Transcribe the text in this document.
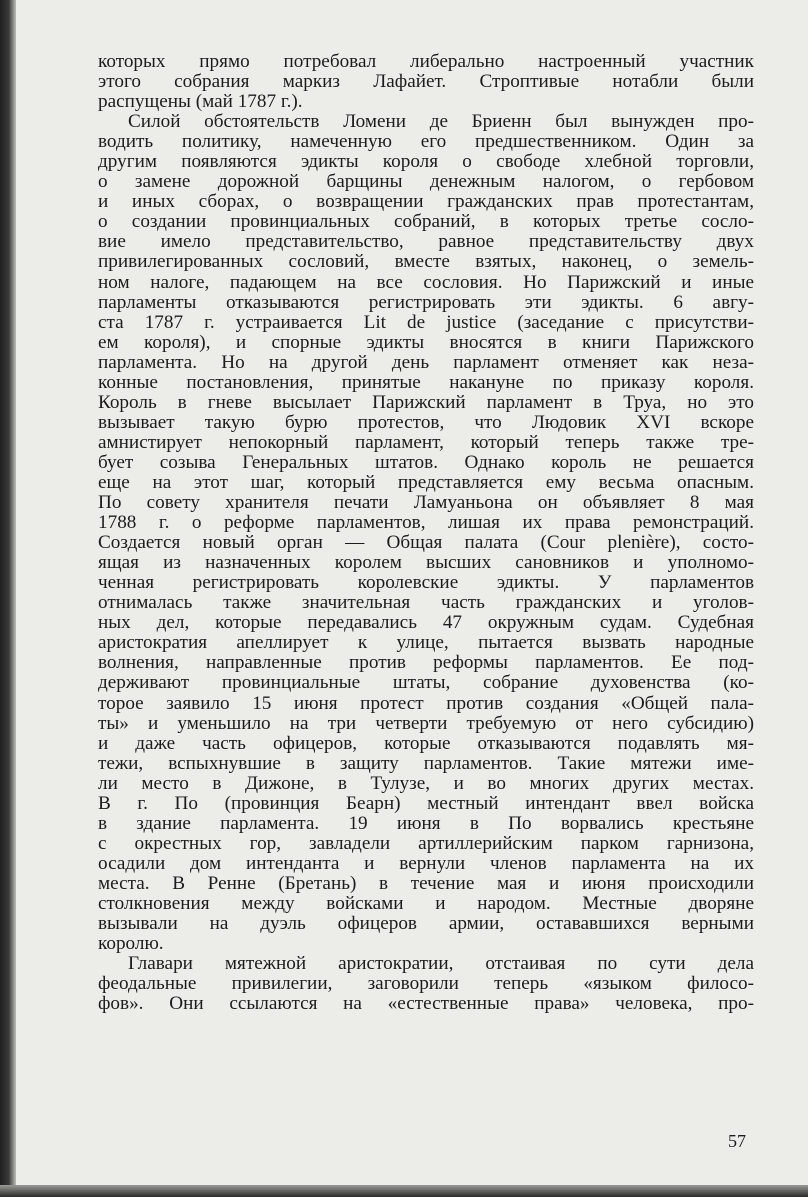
которых прямо потребовал либерально настроенный участник
этого собрания маркиз Лафайет. Строптивые нотабли были
распущены (май 1787 г.).
Силой обстоятельств Ломени де Бриенн был вынужден про-
водить политику, намеченную его предшественником. Один за
другим появляются эдикты короля о свободе хлебной торговли,
о замене дорожной барщины денежным налогом, о гербовом
и иных сборах, о возвращении гражданских прав протестантам,
о создании провинциальных собраний, в которых третье сосло-
вие имело представительство, равное представительству двух
привилегированных сословий, вместе взятых, наконец, о земель-
ном налоге, падающем на все сословия. Но Парижский и иные
парламенты отказываются регистрировать эти эдикты. 6 авгу-
ста 1787 г. устраивается Lit de justice (заседание с присутстви-
ем короля), и спорные эдикты вносятся в книги Парижского
парламента. Но на другой день парламент отменяет как неза-
конные постановления, принятые накануне по приказу короля.
Король в гневе высылает Парижский парламент в Труа, но это
вызывает такую бурю протестов, что Людовик XVI вскоре
амнистирует непокорный парламент, который теперь также тре-
бует созыва Генеральных штатов. Однако король не решается
еще на этот шаг, который представляется ему весьма опасным.
По совету хранителя печати Ламуаньона он объявляет 8 мая
1788 г. о реформе парламентов, лишая их права ремонстраций.
Создается новый орган — Общая палата (Cour plenière), состо-
ящая из назначенных королем высших сановников и уполномо-
ченная регистрировать королевские эдикты. У парламентов
отнималась также значительная часть гражданских и уголов-
ных дел, которые передавались 47 окружным судам. Судебная
аристократия апеллирует к улице, пытается вызвать народные
волнения, направленные против реформы парламентов. Ее под-
держивают провинциальные штаты, собрание духовенства (ко-
торое заявило 15 июня протест против создания «Общей пала-
ты» и уменьшило на три четверти требуемую от него субсидию)
и даже часть офицеров, которые отказываются подавлять мя-
тежи, вспыхнувшие в защиту парламентов. Такие мятежи име-
ли место в Дижоне, в Тулузе, и во многих других местах.
В г. По (провинция Беарн) местный интендант ввел войска
в здание парламента. 19 июня в По ворвались крестьяне
с окрестных гор, завладели артиллерийским парком гарнизона,
осадили дом интенданта и вернули членов парламента на их
места. В Ренне (Бретань) в течение мая и июня происходили
столкновения между войсками и народом. Местные дворяне
вызывали на дуэль офицеров армии, остававшихся верными
королю.
Главари мятежной аристократии, отстаивая по сути дела
феодальные привилегии, заговорили теперь «языком филосо-
фов». Они ссылаются на «естественные права» человека, про-
57
